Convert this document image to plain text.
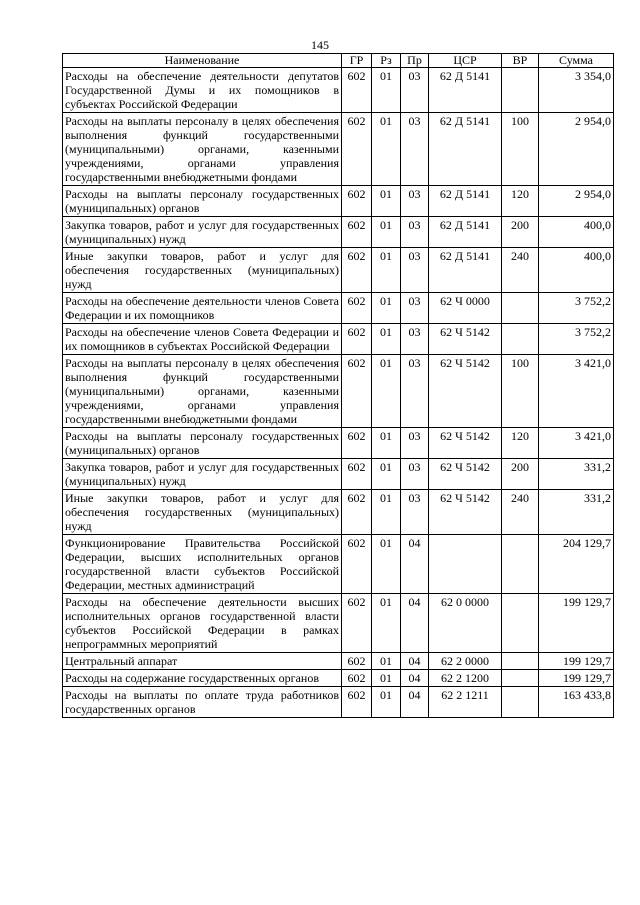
145
Наименование	ГР	Рз	Пр	ЦСР	ВР	Сумма
Расходы на обеспечение деятельности депутатов Государственной Думы и их помощников в субъектах Российской Федерации	602	01	03	62 Д 5141		3 354,0
Расходы на выплаты персоналу в целях обеспечения выполнения функций государственными (муниципальными) органами, казенными учреждениями, органами управления государственными внебюджетными фондами	602	01	03	62 Д 5141	100	2 954,0
Расходы на выплаты персоналу государственных (муниципальных) органов	602	01	03	62 Д 5141	120	2 954,0
Закупка товаров, работ и услуг для государственных (муниципальных) нужд	602	01	03	62 Д 5141	200	400,0
Иные закупки товаров, работ и услуг для обеспечения государственных (муниципальных) нужд	602	01	03	62 Д 5141	240	400,0
Расходы на обеспечение деятельности членов Совета Федерации и их помощников	602	01	03	62 Ч 0000		3 752,2
Расходы на обеспечение членов Совета Федерации и их помощников в субъектах Российской Федерации	602	01	03	62 Ч 5142		3 752,2
Расходы на выплаты персоналу в целях обеспечения выполнения функций государственными (муниципальными) органами, казенными учреждениями, органами управления государственными внебюджетными фондами	602	01	03	62 Ч 5142	100	3 421,0
Расходы на выплаты персоналу государственных (муниципальных) органов	602	01	03	62 Ч 5142	120	3 421,0
Закупка товаров, работ и услуг для государственных (муниципальных) нужд	602	01	03	62 Ч 5142	200	331,2
Иные закупки товаров, работ и услуг для обеспечения государственных (муниципальных) нужд	602	01	03	62 Ч 5142	240	331,2
Функционирование Правительства Российской Федерации, высших исполнительных органов государственной власти субъектов Российской Федерации, местных администраций	602	01	04			204 129,7
Расходы на обеспечение деятельности высших исполнительных органов государственной власти субъектов Российской Федерации в рамках непрограммных мероприятий	602	01	04	62 0 0000		199 129,7
Центральный аппарат	602	01	04	62 2 0000		199 129,7
Расходы на содержание государственных органов	602	01	04	62 2 1200		199 129,7
Расходы на выплаты по оплате труда работников государственных органов	602	01	04	62 2 1211		163 433,8
